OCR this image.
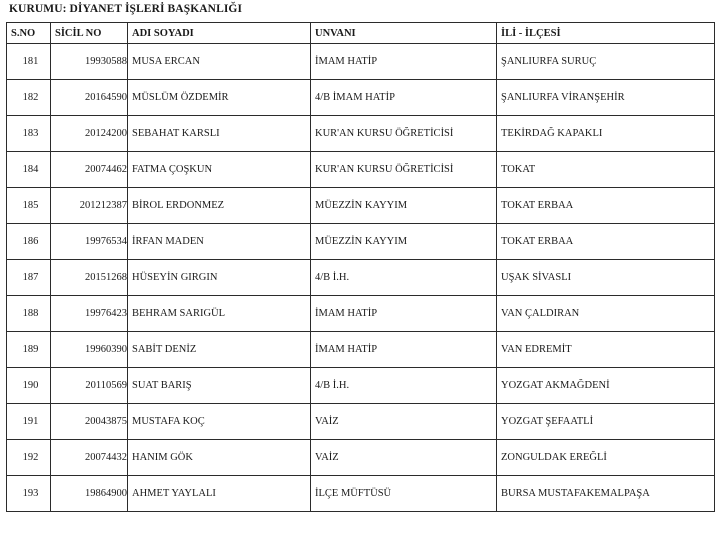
KURUMU: DİYANET İŞLERİ BAŞKANLIĞI
S.NO	SİCİL NO	ADI SOYADI	UNVANI	İLİ - İLÇESİ
181	19930588	MUSA ERCAN	İMAM HATİP	ŞANLIURFA SURUÇ
182	20164590	MÜSLÜM ÖZDEMİR	4/B İMAM HATİP	ŞANLIURFA VİRANŞEHİR
183	20124200	SEBAHAT KARSLI	KUR'AN KURSU ÖĞRETİCİSİ	TEKİRDAĞ KAPAKLI
184	20074462	FATMA ÇOŞKUN	KUR'AN KURSU ÖĞRETİCİSİ	TOKAT
185	201212387	BİROL ERDONMEZ	MÜEZZİN KAYYIM	TOKAT ERBAA
186	19976534	İRFAN MADEN	MÜEZZİN KAYYIM	TOKAT ERBAA
187	20151268	HÜSEYİN GIRGIN	4/B İ.H.	UŞAK SİVASLI
188	19976423	BEHRAM SARIGÜL	İMAM HATİP	VAN ÇALDIRAN
189	19960390	SABİT DENİZ	İMAM HATİP	VAN EDREMİT
190	20110569	SUAT BARIŞ	4/B İ.H.	YOZGAT AKMAĞDENİ
191	20043875	MUSTAFA KOÇ	VAİZ	YOZGAT ŞEFAATLİ
192	20074432	HANIM GÖK	VAİZ	ZONGULDAK EREĞLİ
193	19864900	AHMET YAYLALI	İLÇE MÜFTÜSÜ	BURSA MUSTAFAKEMALPAŞA
